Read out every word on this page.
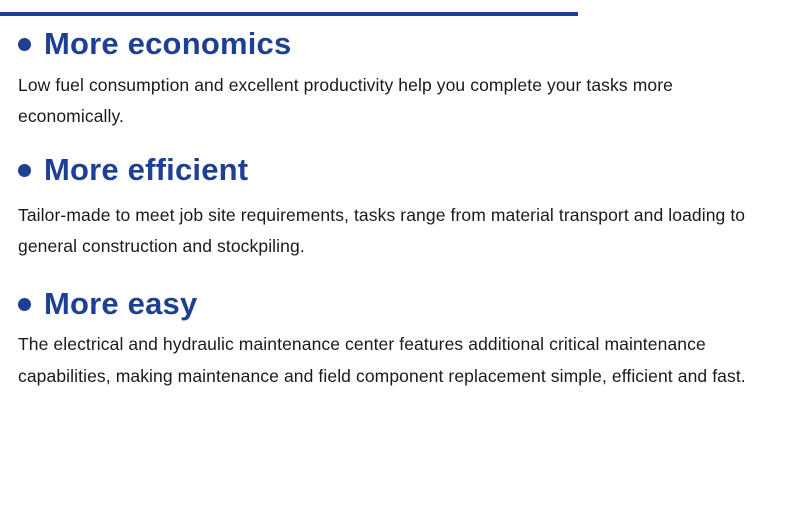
More economics

Low fuel consumption and excellent productivity help you complete your tasks more economically.

More efficient

Tailor-made to meet job site requirements, tasks range from material transport and loading to general construction and stockpiling.

More easy

The electrical and hydraulic maintenance center features additional critical maintenance capabilities, making maintenance and field component replacement simple, efficient and fast.
